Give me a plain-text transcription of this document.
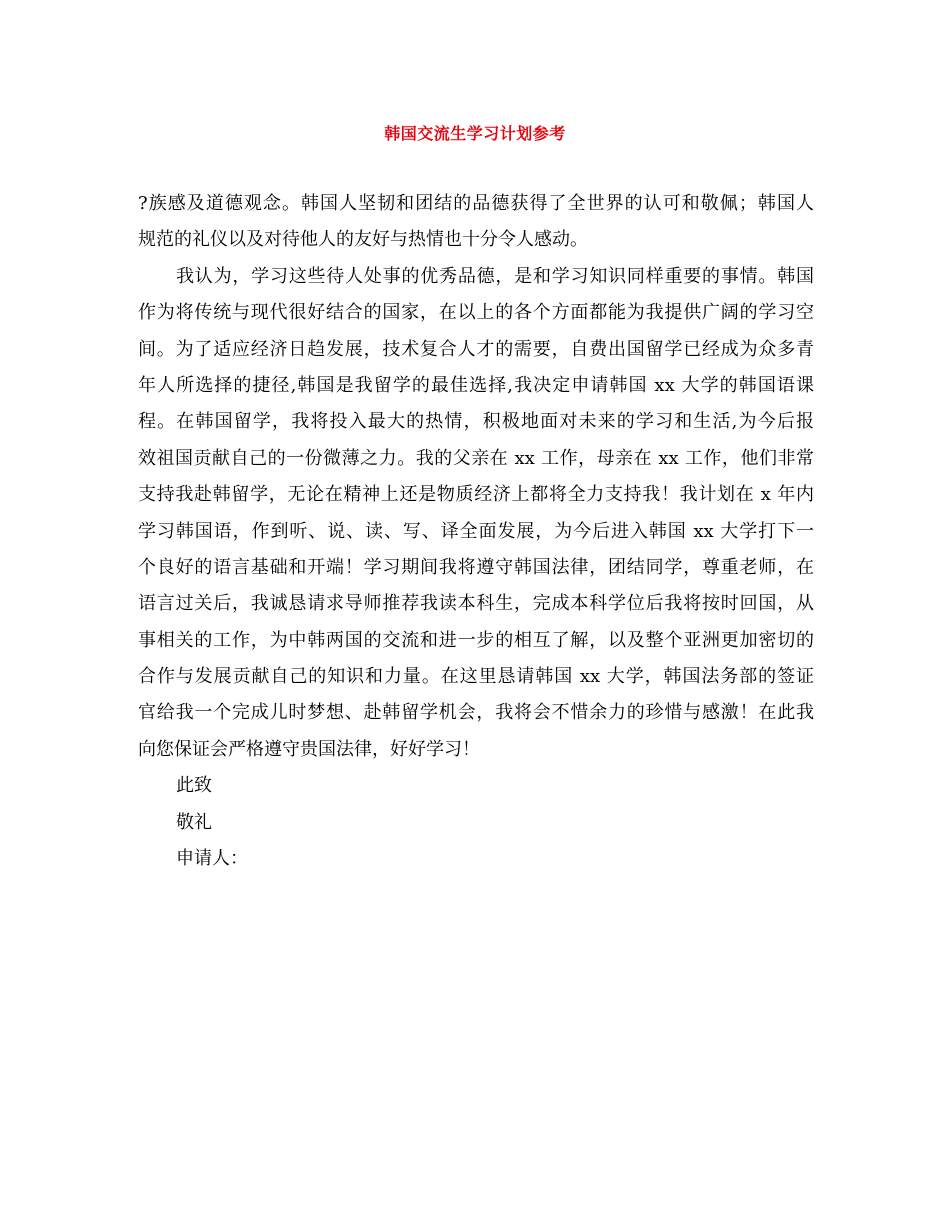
韩国交流生学习计划参考
?族感及道德观念。韩国人坚韧和团结的品德获得了全世界的认可和敬佩；韩国人
规范的礼仪以及对待他人的友好与热情也十分令人感动。
我认为，学习这些待人处事的优秀品德，是和学习知识同样重要的事情。韩国
作为将传统与现代很好结合的国家，在以上的各个方面都能为我提供广阔的学习空
间。为了适应经济日趋发展，技术复合人才的需要，自费出国留学已经成为众多青
年人所选择的捷径,韩国是我留学的最佳选择,我决定申请韩国 xx 大学的韩国语课
程。在韩国留学，我将投入最大的热情，积极地面对未来的学习和生活,为今后报
效祖国贡献自己的一份微薄之力。我的父亲在 xx 工作，母亲在 xx 工作，他们非常
支持我赴韩留学，无论在精神上还是物质经济上都将全力支持我！我计划在 x 年内
学习韩国语，作到听、说、读、写、译全面发展，为今后进入韩国 xx 大学打下一
个良好的语言基础和开端！学习期间我将遵守韩国法律，团结同学，尊重老师，在
语言过关后，我诚恳请求导师推荐我读本科生，完成本科学位后我将按时回国，从
事相关的工作，为中韩两国的交流和进一步的相互了解，以及整个亚洲更加密切的
合作与发展贡献自己的知识和力量。在这里恳请韩国 xx 大学，韩国法务部的签证
官给我一个完成儿时梦想、赴韩留学机会，我将会不惜余力的珍惜与感激！在此我
向您保证会严格遵守贵国法律，好好学习！
此致
敬礼
申请人：
